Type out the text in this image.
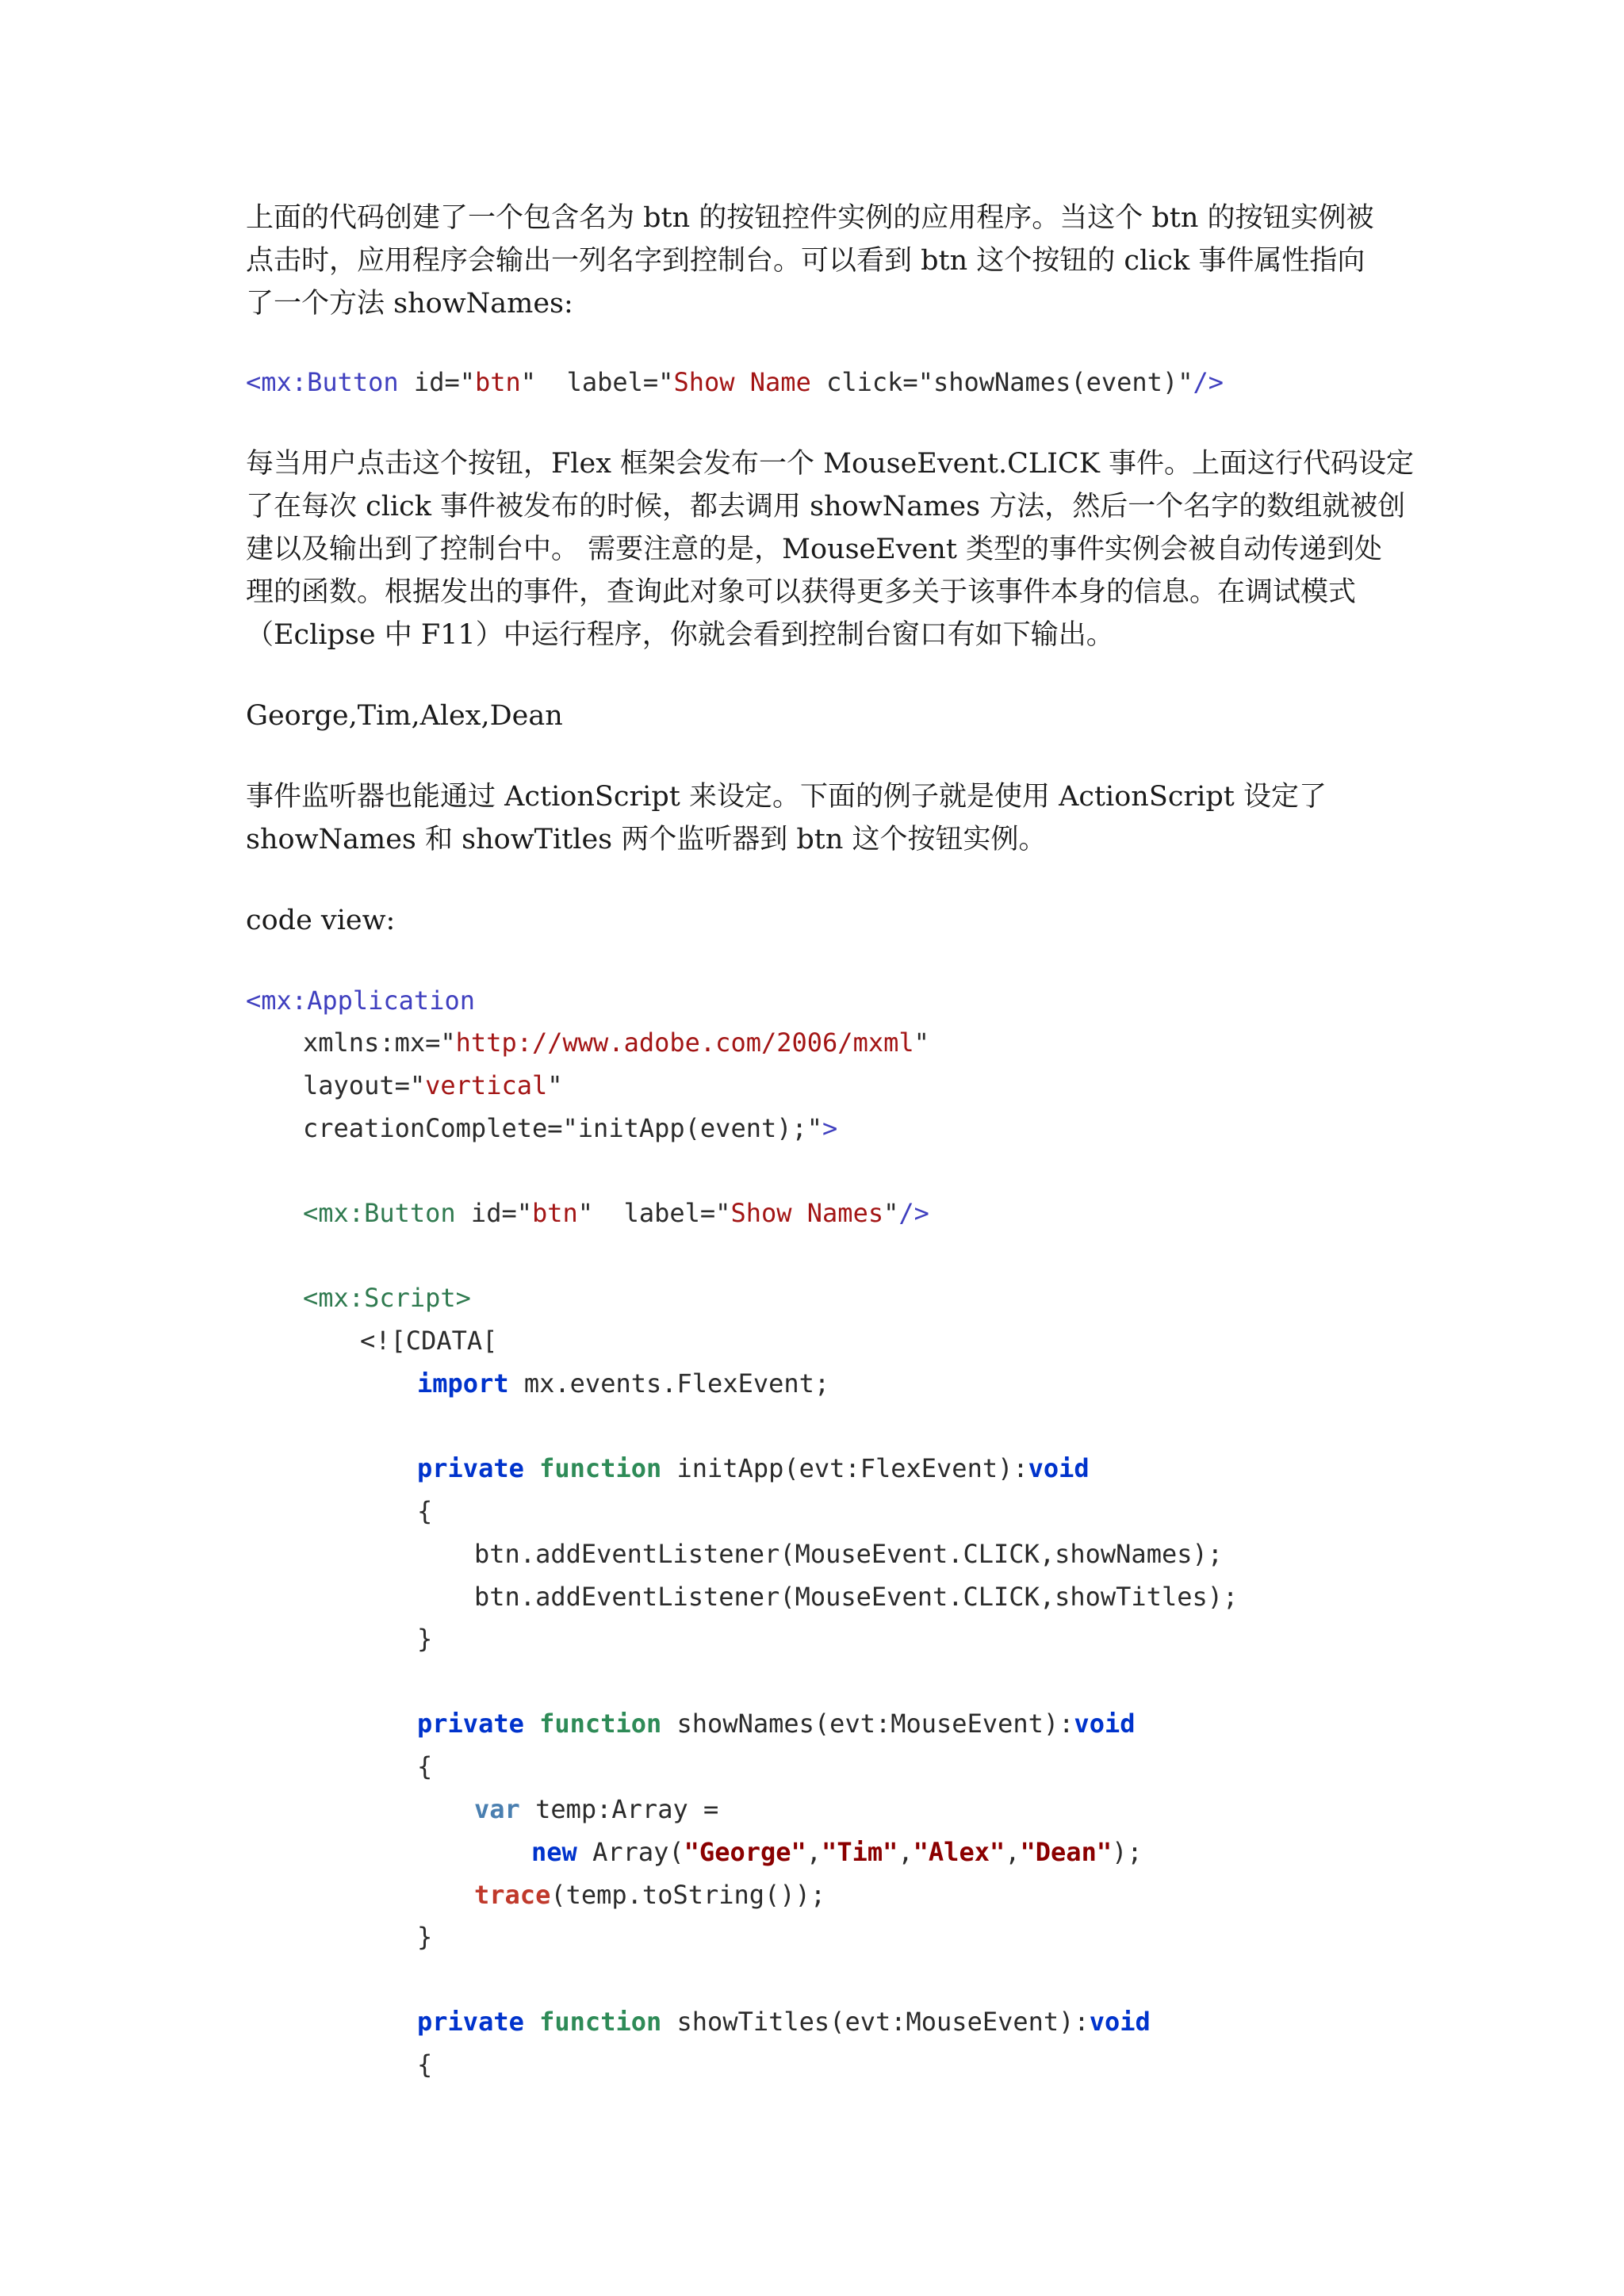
上面的代码创建了一个包含名为 btn 的按钮控件实例的应用程序。当这个 btn 的按钮实例被
点击时，应用程序会输出一列名字到控制台。可以看到 btn 这个按钮的 click 事件属性指向
了一个方法 showNames:
<mx:Button id="btn"  label="Show Name click="showNames(event)"/>
每当用户点击这个按钮，Flex 框架会发布一个 MouseEvent.CLICK 事件。上面这行代码设定
了在每次 click 事件被发布的时候，都去调用 showNames 方法，然后一个名字的数组就被创
建以及输出到了控制台中。 需要注意的是，MouseEvent 类型的事件实例会被自动传递到处
理的函数。根据发出的事件，查询此对象可以获得更多关于该事件本身的信息。在调试模式
（Eclipse 中 F11）中运行程序，你就会看到控制台窗口有如下输出。
George,Tim,Alex,Dean
事件监听器也能通过 ActionScript 来设定。下面的例子就是使用 ActionScript 设定了
showNames 和 showTitles 两个监听器到 btn 这个按钮实例。
code view:
<mx:Application
xmlns:mx="http://www.adobe.com/2006/mxml"
layout="vertical"
creationComplete="initApp(event);">
<mx:Button id="btn"  label="Show Names"/>
<mx:Script>
<![CDATA[
import mx.events.FlexEvent;
private function initApp(evt:FlexEvent):void
{
btn.addEventListener(MouseEvent.CLICK,showNames);
btn.addEventListener(MouseEvent.CLICK,showTitles);
}
private function showNames(evt:MouseEvent):void
{
var temp:Array =
new Array("George","Tim","Alex","Dean");
trace(temp.toString());
}
private function showTitles(evt:MouseEvent):void
{
